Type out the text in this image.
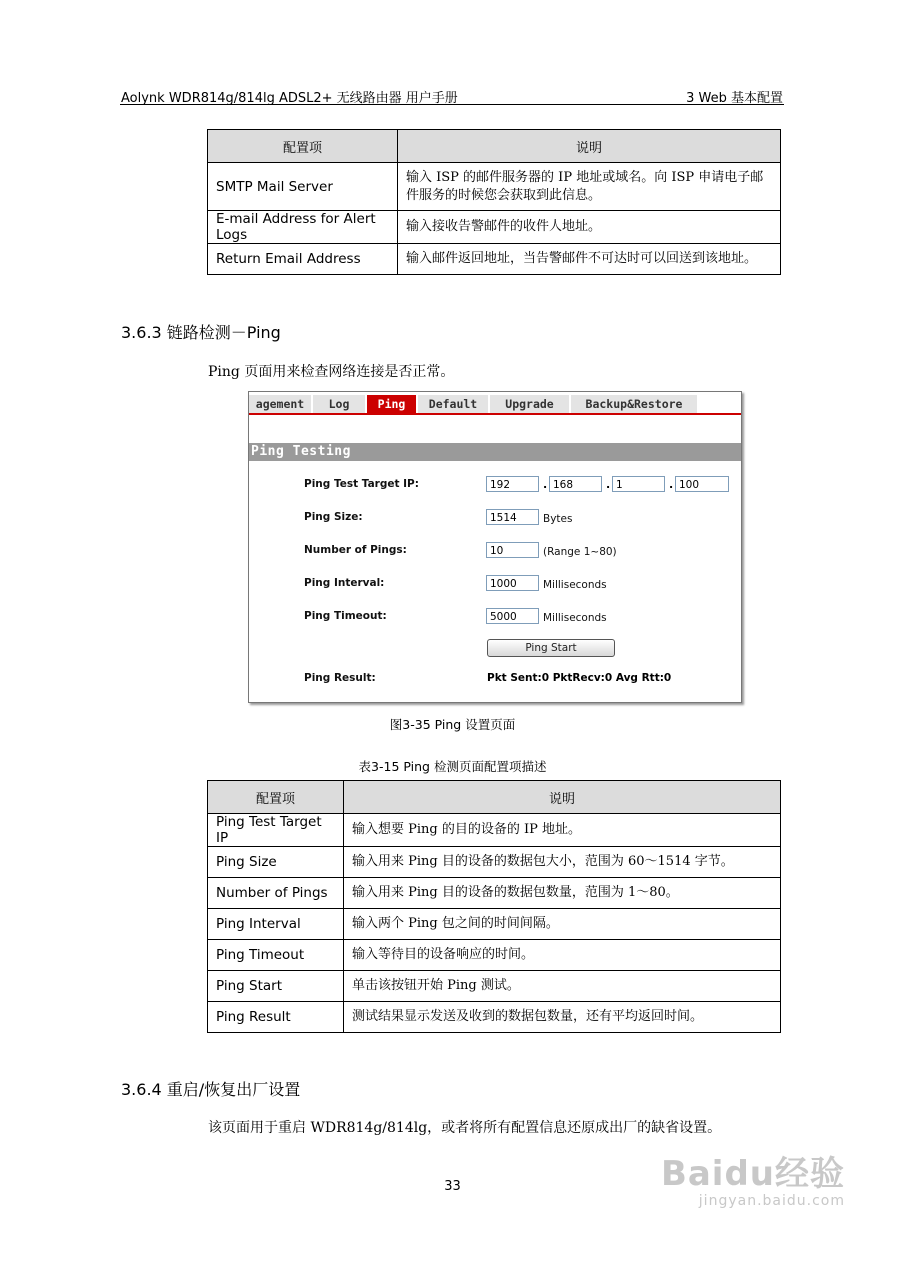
Aolynk WDR814g/814lg ADSL2+ 无线路由器 用户手册	3 Web 基本配置
配置项	说明
SMTP Mail Server	输入 ISP 的邮件服务器的 IP 地址或域名。向 ISP 申请电子邮件服务的时候您会获取到此信息。
E-mail Address for Alert Logs	输入接收告警邮件的收件人地址。
Return Email Address	输入邮件返回地址，当告警邮件不可达时可以回送到该地址。
3.6.3 链路检测－Ping
Ping 页面用来检查网络连接是否正常。
agement	Log	Ping	Default	Upgrade	Backup&Restore
Ping Testing
Ping Test Target IP:	192	. 168	. 1	. 100
Ping Size:	1514	Bytes
Number of Pings:	10	(Range 1~80)
Ping Interval:	1000	Milliseconds
Ping Timeout:	5000	Milliseconds
Ping Start
Ping Result:	Pkt Sent:0 PktRecv:0 Avg Rtt:0
图3-35 Ping 设置页面
表3-15 Ping 检测页面配置项描述
配置项	说明
Ping Test Target IP	输入想要 Ping 的目的设备的 IP 地址。
Ping Size	输入用来 Ping 目的设备的数据包大小，范围为 60～1514 字节。
Number of Pings	输入用来 Ping 目的设备的数据包数量，范围为 1～80。
Ping Interval	输入两个 Ping 包之间的时间间隔。
Ping Timeout	输入等待目的设备响应的时间。
Ping Start	单击该按钮开始 Ping 测试。
Ping Result	测试结果显示发送及收到的数据包数量，还有平均返回时间。
3.6.4 重启/恢复出厂设置
该页面用于重启 WDR814g/814lg，或者将所有配置信息还原成出厂的缺省设置。
33	Baidu经验
jingyan.baidu.com
